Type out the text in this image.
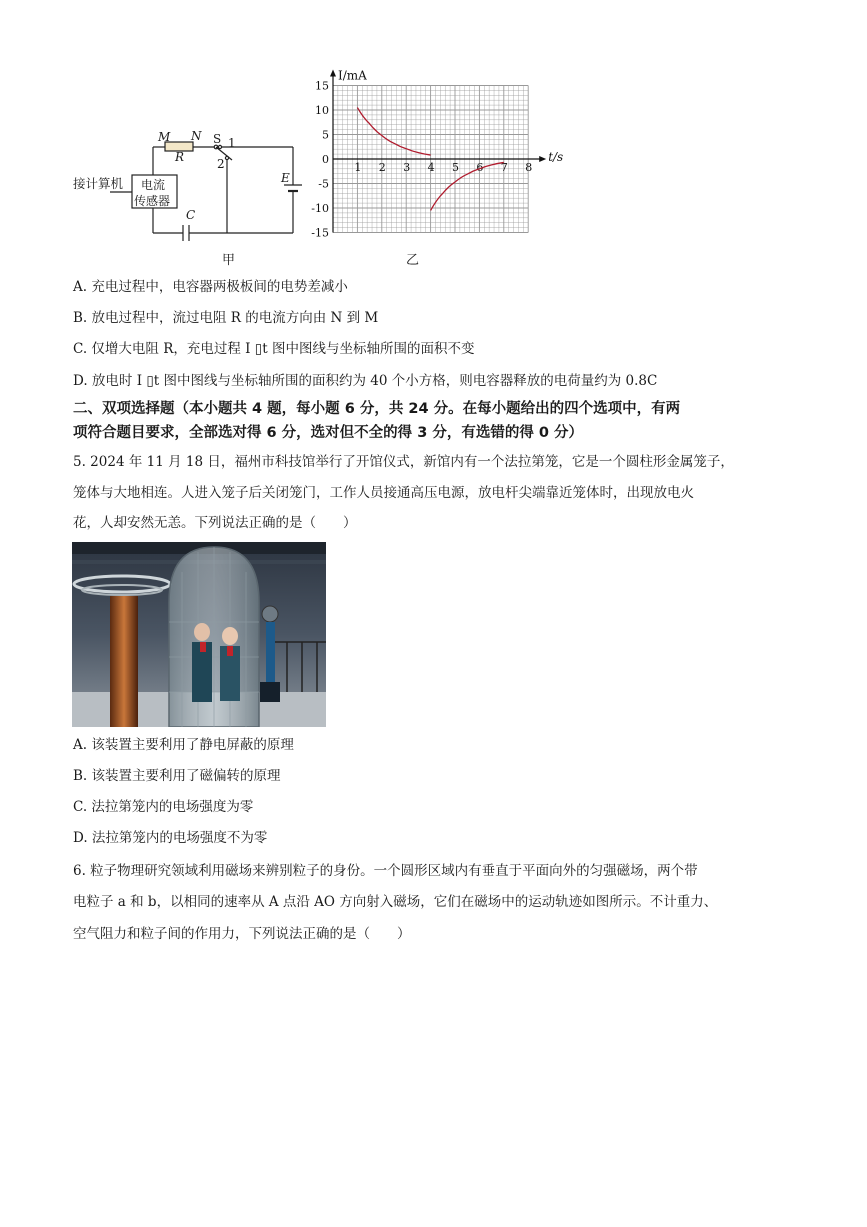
M N S 1
2
R
E
C
接计算机 电流
传感器
甲
1 2 3 4 5 6 7 8
15
10
5
0
-5
-10
-15
I/mA
t/s
乙
A. 充电过程中，电容器两极板间的电势差减小
B. 放电过程中，流过电阻 R 的电流方向由 N 到 M
C. 仅增大电阻 R，充电过程 I ▯t 图中图线与坐标轴所围的面积不变
D. 放电时 I ▯t 图中图线与坐标轴所围的面积约为 40 个小方格，则电容器释放的电荷量约为 0.8C
二、双项选择题（本小题共 4 题，每小题 6 分，共 24 分。在每小题给出的四个选项中，有两
项符合题目要求，全部选对得 6 分，选对但不全的得 3 分，有选错的得 0 分）
5. 2024 年 11 月 18 日，福州市科技馆举行了开馆仪式，新馆内有一个法拉第笼，它是一个圆柱形金属笼子，
笼体与大地相连。人进入笼子后关闭笼门，工作人员接通高压电源，放电杆尖端靠近笼体时，出现放电火
花，人却安然无恙。下列说法正确的是（　　）
A. 该装置主要利用了静电屏蔽的原理
B. 该装置主要利用了磁偏转的原理
C. 法拉第笼内的电场强度为零
D. 法拉第笼内的电场强度不为零
6. 粒子物理研究领域利用磁场来辨别粒子的身份。一个圆形区域内有垂直于平面向外的匀强磁场，两个带
电粒子 a 和 b，以相同的速率从 A 点沿 AO 方向射入磁场，它们在磁场中的运动轨迹如图所示。不计重力、
空气阻力和粒子间的作用力，下列说法正确的是（　　）
